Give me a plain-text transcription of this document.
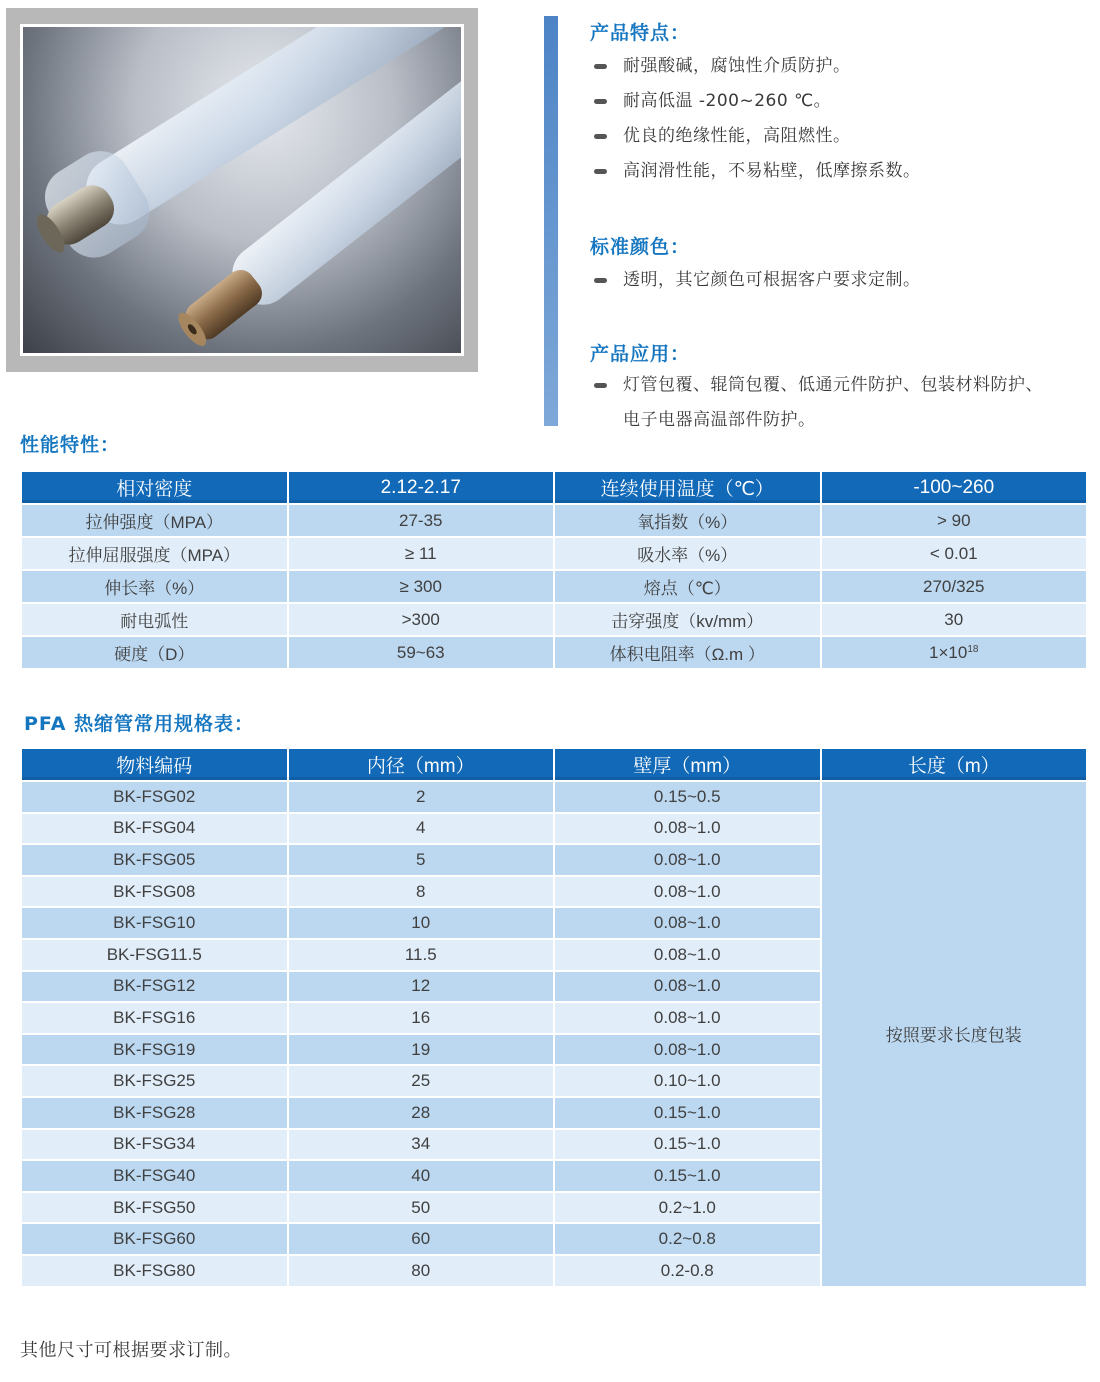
产品特点：
耐强酸碱，腐蚀性介质防护。
耐高低温 -200~260 ℃。
优良的绝缘性能，高阻燃性。
高润滑性能，不易粘壁，低摩擦系数。
标准颜色：
透明，其它颜色可根据客户要求定制。
产品应用：
灯管包覆、辊筒包覆、低通元件防护、包装材料防护、
电子电器高温部件防护。
性能特性：
相对密度	2.12-2.17	连续使用温度（℃）	-100~260
拉伸强度（MPA）	27-35	氧指数（%）	> 90
拉伸屈服强度（MPA）	≥ 11	吸水率（%）	< 0.01
伸长率（%）	≥ 300	熔点（℃）	270/325
耐电弧性	>300	击穿强度（kv/mm）	30
硬度（D）	59~63	体积电阻率（Ω.m ）	$1\times 10^{18}$
PFA 热缩管常用规格表：
物料编码	内径（mm）	壁厚（mm）	长度（m）
BK-FSG02	2	0.15~0.5	按照要求长度包装
BK-FSG04	4	0.08~1.0	
BK-FSG05	5	0.08~1.0	
BK-FSG08	8	0.08~1.0	
BK-FSG10	10	0.08~1.0	
BK-FSG11.5	11.5	0.08~1.0	
BK-FSG12	12	0.08~1.0	
BK-FSG16	16	0.08~1.0	
BK-FSG19	19	0.08~1.0	
BK-FSG25	25	0.10~1.0	
BK-FSG28	28	0.15~1.0	
BK-FSG34	34	0.15~1.0	
BK-FSG40	40	0.15~1.0	
BK-FSG50	50	0.2~1.0	
BK-FSG60	60	0.2~0.8	
BK-FSG80	80	0.2-0.8	

其他尺寸可根据要求订制。
